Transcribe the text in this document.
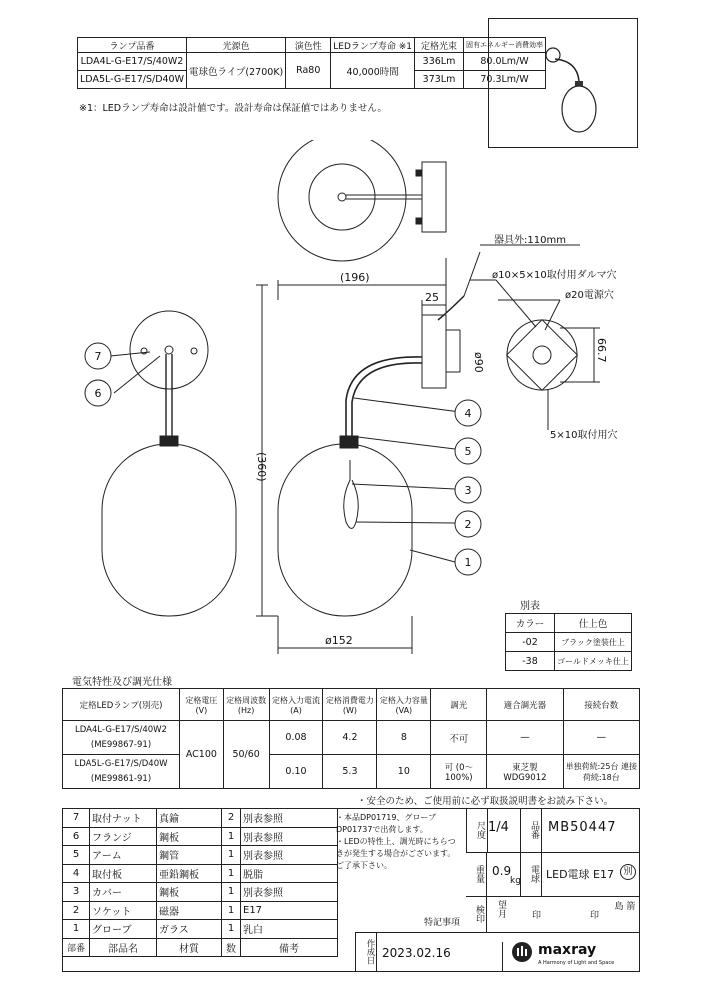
ランプ品番	光源色	演色性	LEDランプ寿命 ※1	定格光束	固有エネルギー消費効率
LDA4L-G-E17/S/40W2	電球色ライプ(2700K)	Ra80	40,000時間	336Lm	80.0Lm/W
LDA5L-G-E17/S/D40W				373Lm	70.3Lm/W
※1：LEDランプ寿命は設計値です。設計寿命は保証値ではありません。
7
6
4
5
3
2
1
(196)
25
ø90
(360)
ø152
66.7
器具外:110mm
ø10×5×10取付用ダルマ穴
ø20電源穴
5×10取付用穴
別表
カラー	仕上色
-02	ブラック塗装仕上
-38	ゴールドメッキ仕上
電気特性及び調光仕様
定格LEDランプ(別売)	定格電圧 (V)	定格周波数 (Hz)	定格入力電流 (A)	定格消費電力 (W)	定格入力容量 (VA)	調光	適合調光器	接続台数

LDA4L-G-E17/S/40W2
(ME99867-91)	AC100	50/60	0.08	4.2	8	不可	—	—

LDA5L-G-E17/S/D40W
(ME99861-91)			0.10	5.3	10	可 (0～100%)	東芝製 WDG9012	単独荷続:25台 連接荷続:18台
・安全のため、ご使用前に必ず取扱説明書をお読み下さい。
7	取付ナット	真鍮	2	別表参照
6	フランジ	鋼板	1	別表参照
5	アーム	鋼管	1	別表参照
4	取付板	亜鉛鋼板	1	脱脂
3	カバー	鋼板	1	別表参照
2	ソケット	磁器	1	E17
1	グローブ	ガラス	1	乳白
部番	部品名	材質	数	備考
・本品DP01719、グローブDP01737で出荷します。
・LEDの特性上、調光時にちらつきが発生する場合がございます。ご了承下さい。
特記事項
尺度 1/4	品番 MB50447
重量 0.9
kg 電球 LED電球 E17	別
検印	望月	印	印
島 箭
maxray
A Harmony of Light and Space
作成日 2023.02.16
